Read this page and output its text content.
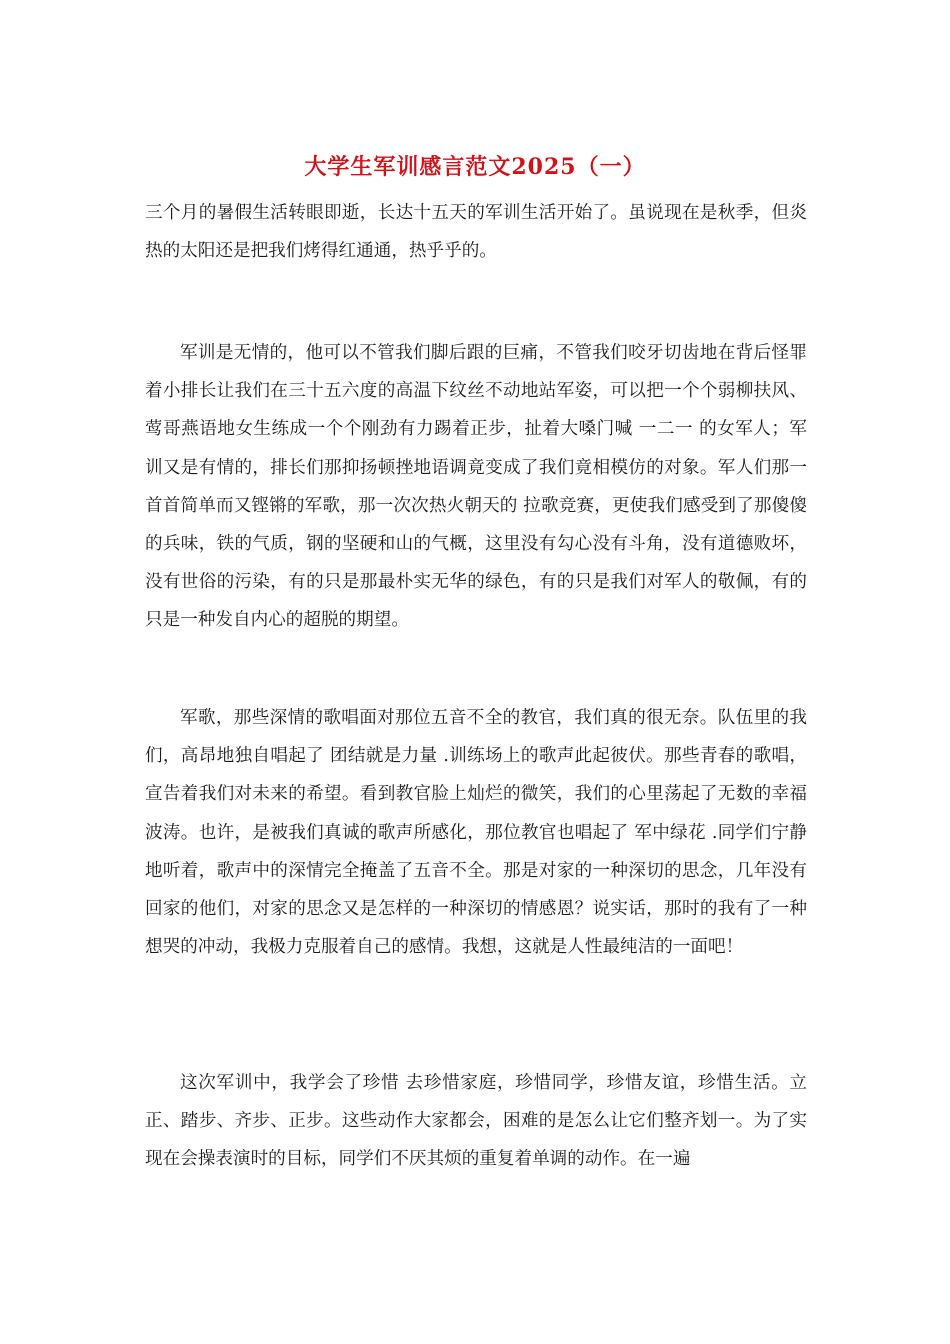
大学生军训感言范文2025（一）

三个月的暑假生活转眼即逝，长达十五天的军训生活开始了。虽说现在是秋季，但炎热的太阳还是把我们烤得红通通，热乎乎的。

军训是无情的，他可以不管我们脚后跟的巨痛，不管我们咬牙切齿地在背后怪罪着小排长让我们在三十五六度的高温下纹丝不动地站军姿，可以把一个个弱柳扶风、莺哥燕语地女生练成一个个刚劲有力踢着正步，扯着大嗓门喊 一二一 的女军人；军训又是有情的，排长们那抑扬顿挫地语调竟变成了我们竟相模仿的对象。军人们那一首首简单而又铿锵的军歌，那一次次热火朝天的 拉歌竞赛，更使我们感受到了那傻傻的兵味，铁的气质，钢的坚硬和山的气概，这里没有勾心没有斗角，没有道德败坏，没有世俗的污染，有的只是那最朴实无华的绿色，有的只是我们对军人的敬佩，有的只是一种发自内心的超脱的期望。

军歌，那些深情的歌唱面对那位五音不全的教官，我们真的很无奈。队伍里的我们，高昂地独自唱起了 团结就是力量 .训练场上的歌声此起彼伏。那些青春的歌唱，宣告着我们对未来的希望。看到教官脸上灿烂的微笑，我们的心里荡起了无数的幸福波涛。也许，是被我们真诚的歌声所感化，那位教官也唱起了 军中绿花 .同学们宁静地听着，歌声中的深情完全掩盖了五音不全。那是对家的一种深切的思念，几年没有回家的他们，对家的思念又是怎样的一种深切的情感恩？说实话，那时的我有了一种想哭的冲动，我极力克服着自己的感情。我想，这就是人性最纯洁的一面吧！

这次军训中，我学会了珍惜 去珍惜家庭，珍惜同学，珍惜友谊，珍惜生活。立正、踏步、齐步、正步。这些动作大家都会，困难的是怎么让它们整齐划一。为了实现在会操表演时的目标，同学们不厌其烦的重复着单调的动作。在一遍
